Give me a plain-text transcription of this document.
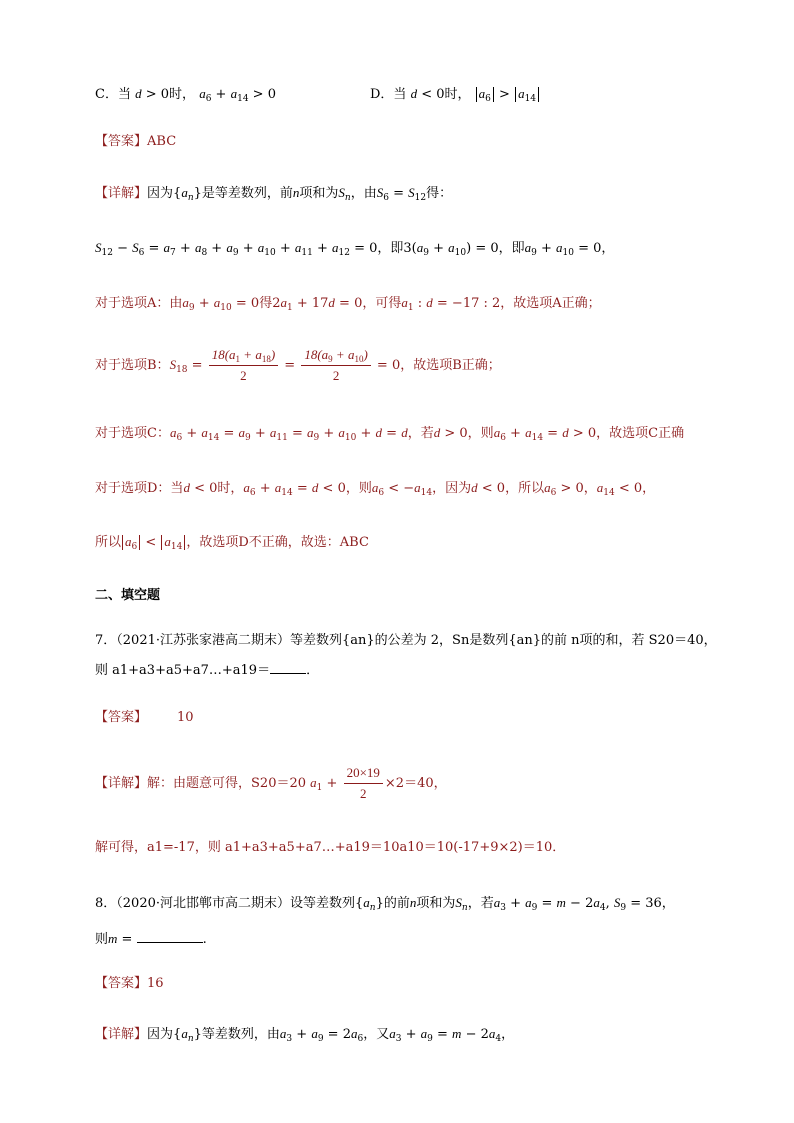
C．当 d > 0时， $a_6 + a_{14} > 0$	D．当 d < 0时， $a_6 > a_{14}$
【答案】ABC
【详解】因为$\{a_n\}$是等差数列，前n项和为$S_n$，由$S_6 = S_{12}$得：
$S_{12} - S_6 = a_7 + a_8 + a_9 + a_{10} + a_{11} + a_{12} = 0$，即$3(a_9 + a_{10}) = 0$，即$a_9 + a_{10} = 0$，
对于选项A：由$a_9 + a_{10} = 0$得$2a_1 + 17d = 0$，可得$a_1$ : d = −17 : 2，故选项A正确；
对于选项B：$S_{18} = \frac{18(a_1 + a_{18})}{2} = \frac{18(a_9 + a_{10})}{2} = 0$，故选项B正确；
对于选项C：$a_6 + a_{14} = a_9 + a_{11} = a_9 + a_{10} + d = d$，若d > 0，则$a_6 + a_{14} = d > 0$，故选项C正确
对于选项D：当d < 0时，$a_6 + a_{14} = d < 0$，则$a_6 < -a_{14}$，因为d < 0，所以$a_6 > 0$，$a_{14} < 0$，
所以 $a_6 < a_{14}$ ，故选项D不正确，故选：ABC
二、填空题
7．（2021·江苏张家港高二期末）等差数列{an}的公差为 2，Sn是数列{an}的前 n项的和，若 S20＝40，
则 a1+a3+a5+a7…+a19＝	．
【答案】 10
【详解】解：由题意可得，S20＝20 $a_1 + \frac{20\times 19}{2} \times 2=40$，
解可得，a1=-17，则 a1+a3+a5+a7…+a19＝10a10＝10(-17+9×2)＝10．
8．（2020·河北邯郸市高二期末）设等差数列$\{a_n\}$的前n项和为$S_n$，若$a_3 + a_9 = m - 2a_4$, $S_9 = 36$，
则m =	.
【答案】16
【详解】因为$\{a_n\}$等差数列，由$a_3 + a_9 = 2a_6$，又$a_3 + a_9 = m - 2a_4$，
